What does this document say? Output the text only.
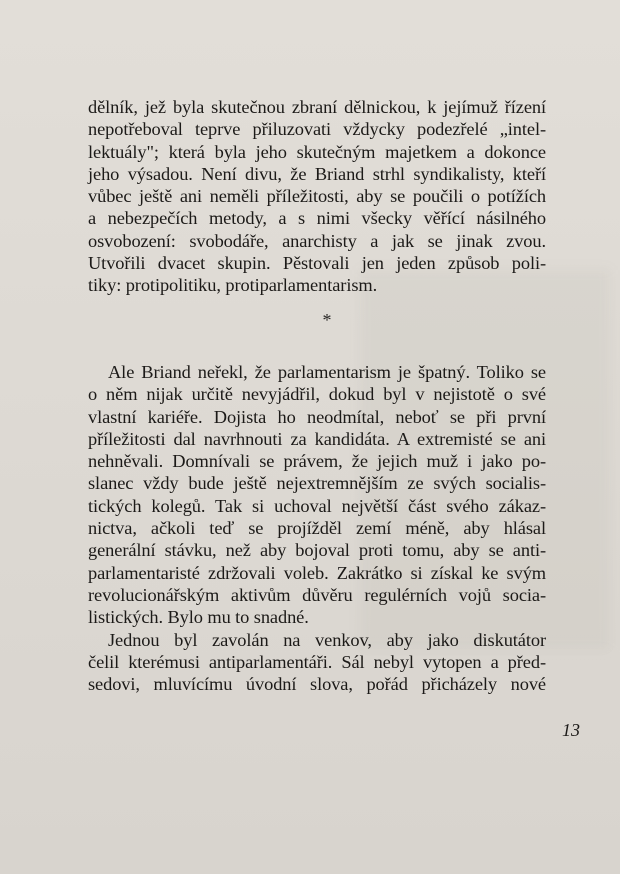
dělník, jež byla skutečnou zbraní dělnickou, k jejímuž řízení
nepotřeboval teprve přiluzovati vždycky podezřelé „intel-
lektuály"; která byla jeho skutečným majetkem a dokonce
jeho výsadou. Není divu, že Briand strhl syndikalisty, kteří
vůbec ještě ani neměli příležitosti, aby se poučili o potížích
a nebezpečích metody, a s nimi všecky věřící násilného
osvobození: svobodáře, anarchisty a jak se jinak zvou.
Utvořili dvacet skupin. Pěstovali jen jeden způsob poli-
tiky: protipolitiku, protiparlamentarism.
*
Ale Briand neřekl, že parlamentarism je špatný. Toliko se
o něm nijak určitě nevyjádřil, dokud byl v nejistotě o své
vlastní kariéře. Dojista ho neodmítal, neboť se při první
příležitosti dal navrhnouti za kandidáta. A extremisté se ani
nehněvali. Domnívali se právem, že jejich muž i jako po-
slanec vždy bude ještě nejextremnějším ze svých socialis-
tických kolegů. Tak si uchoval největší část svého zákaz-
nictva, ačkoli teď se projížděl zemí méně, aby hlásal
generální stávku, než aby bojoval proti tomu, aby se anti-
parlamentaristé zdržovali voleb. Zakrátko si získal ke svým
revolucionářským aktivům důvěru regulérních vojů socia-
listických. Bylo mu to snadné.
Jednou byl zavolán na venkov, aby jako diskutátor
čelil kterémusi antiparlamentáři. Sál nebyl vytopen a před-
sedovi, mluvícímu úvodní slova, pořád přicházely nové
13
